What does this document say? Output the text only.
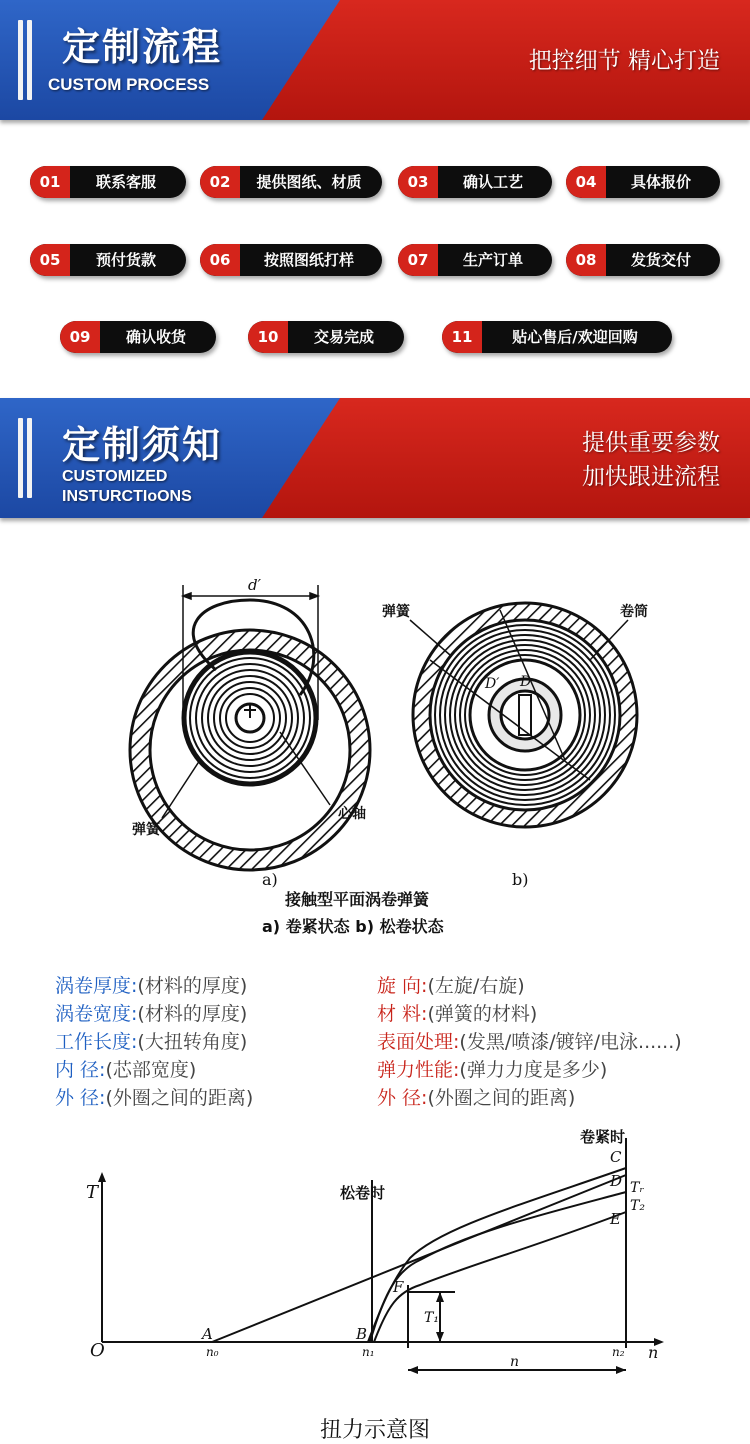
定制流程
CUSTOM PROCESS
把控细节 精心打造
01	联系客服	02	提供图纸、材质	03	确认工艺	04	具体报价
05	预付货款	06	按照图纸打样	07	生产订单	08	发货交付
09	确认收货	10	交易完成	11	贴心售后/欢迎回购
定制须知
CUSTOMIZED
INSTURCTIoONS
提供重要参数
加快跟进流程
d′
弹簧
心轴
a)
D′ D
弹簧	卷筒
b)
接触型平面涡卷弹簧
a) 卷紧状态 b) 松卷状态
涡卷厚度:(材料的厚度)
涡卷宽度:(材料的厚度)
工作长度:(大扭转角度)
内 径:(芯部宽度)
外 径:(外圈之间的距离)
旋 向:(左旋/右旋)
材 料:(弹簧的材料)
表面处理:(发黑/喷漆/镀锌/电泳......)
弹力性能:(弹力力度是多少)
外 径:(外圈之间的距离)
T
O	n
松卷时
卷紧时
A	B
C
D
E
F
n₀	n₁	n₂
T₁
Tᵣ
T₂
n
扭力示意图
